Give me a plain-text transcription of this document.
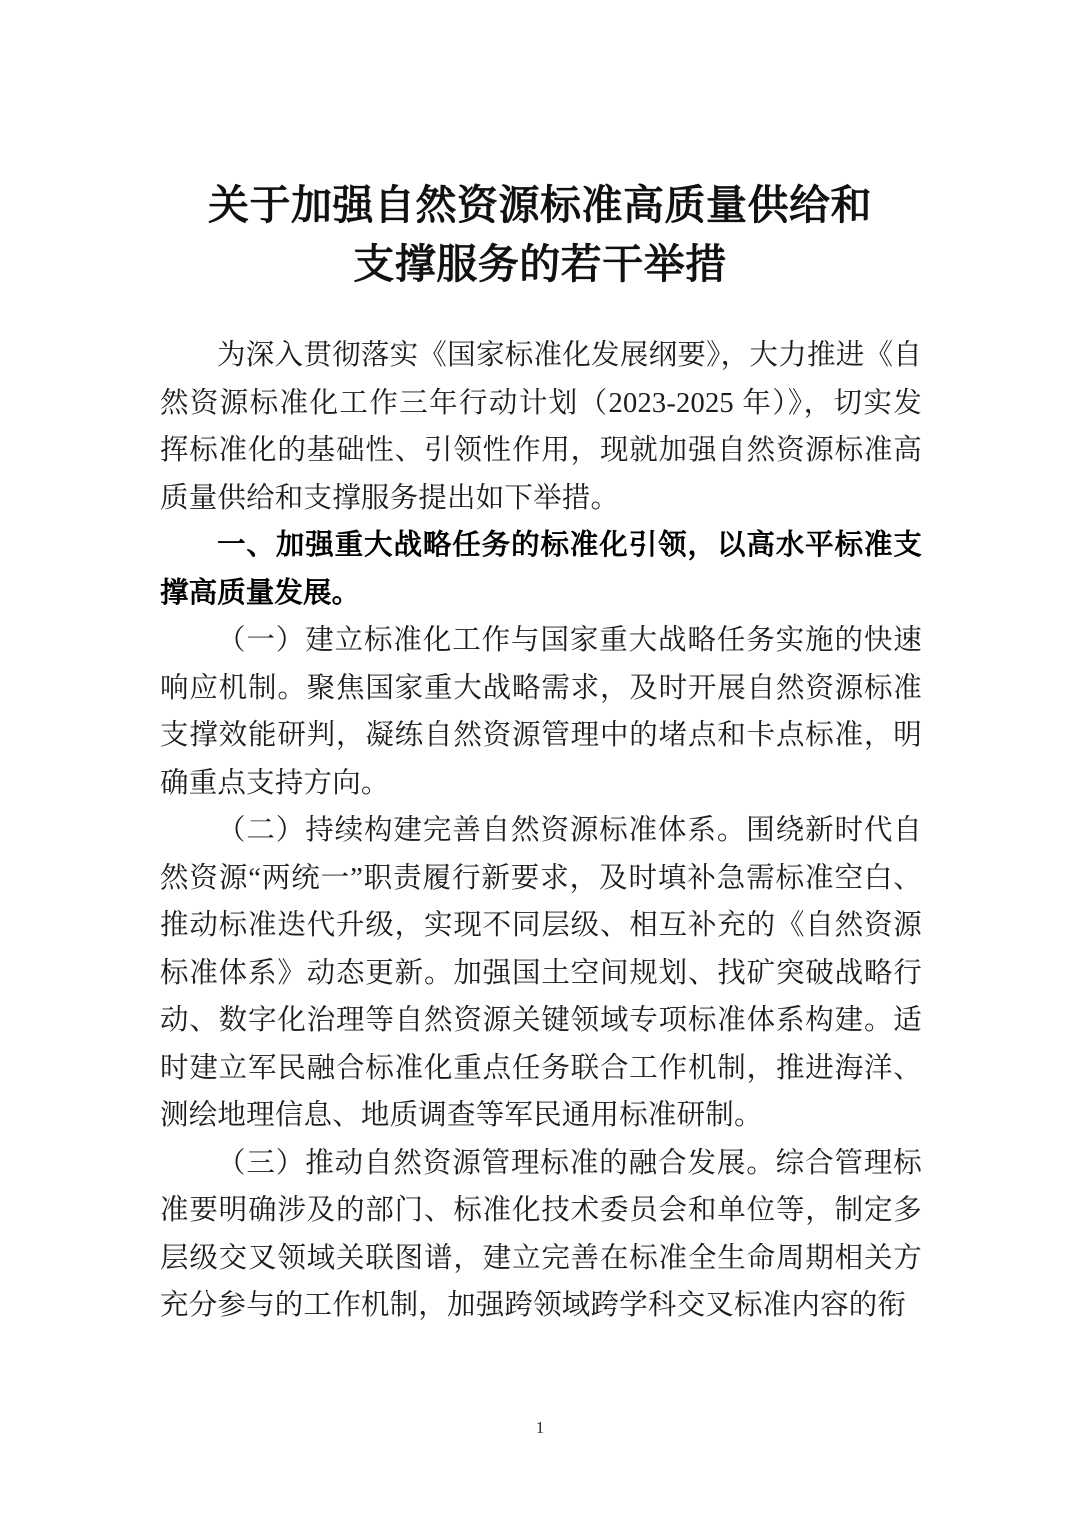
关于加强自然资源标准高质量供给和
支撑服务的若干举措

为深入贯彻落实《国家标准化发展纲要》，大力推进《自然资源标准化工作三年行动计划（2023-2025 年）》，切实发挥标准化的基础性、引领性作用，现就加强自然资源标准高质量供给和支撑服务提出如下举措。

一、加强重大战略任务的标准化引领，以高水平标准支撑高质量发展。

（一）建立标准化工作与国家重大战略任务实施的快速响应机制。聚焦国家重大战略需求，及时开展自然资源标准支撑效能研判，凝练自然资源管理中的堵点和卡点标准，明确重点支持方向。

（二）持续构建完善自然资源标准体系。围绕新时代自然资源“两统一”职责履行新要求，及时填补急需标准空白、推动标准迭代升级，实现不同层级、相互补充的《自然资源标准体系》动态更新。加强国土空间规划、找矿突破战略行动、数字化治理等自然资源关键领域专项标准体系构建。适时建立军民融合标准化重点任务联合工作机制，推进海洋、测绘地理信息、地质调查等军民通用标准研制。

（三）推动自然资源管理标准的融合发展。综合管理标准要明确涉及的部门、标准化技术委员会和单位等，制定多层级交叉领域关联图谱，建立完善在标准全生命周期相关方充分参与的工作机制，加强跨领域跨学科交叉标准内容的衔

1
